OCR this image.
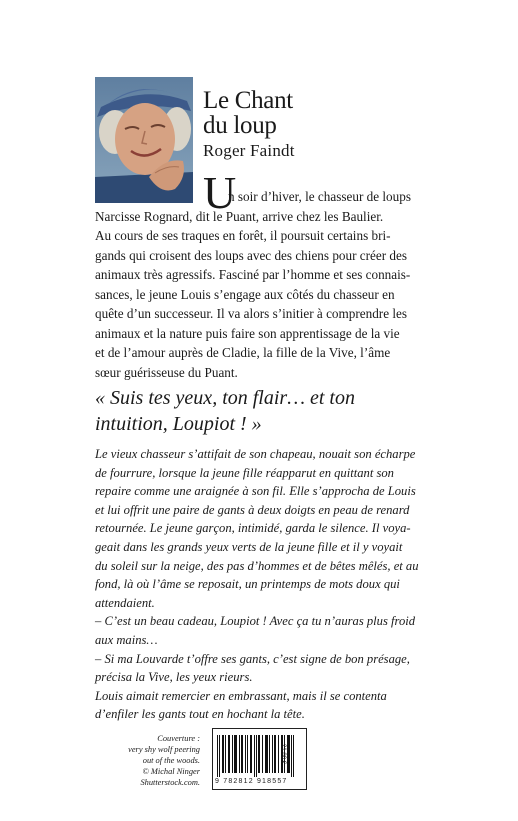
Le Chant
du loup
Roger Faindt
U
n soir d’hiver, le chasseur de loups
Narcisse Rognard, dit le Puant, arrive chez les Baulier.
Au cours de ses traques en forêt, il poursuit certains bri-
gands qui croisent des loups avec des chiens pour créer des
animaux très agressifs. Fasciné par l’homme et ses connais-
sances, le jeune Louis s’engage aux côtés du chasseur en
quête d’un successeur. Il va alors s’initier à comprendre les
animaux et la nature puis faire son apprentissage de la vie
et de l’amour auprès de Cladie, la fille de la Vive, l’âme
sœur guérisseuse du Puant.
« Suis tes yeux, ton flair… et ton
intuition, Loupiot ! »
Le vieux chasseur s’attifait de son chapeau, nouait son écharpe
de fourrure, lorsque la jeune fille réapparut en quittant son
repaire comme une araignée à son fil. Elle s’approcha de Louis
et lui offrit une paire de gants à deux doigts en peau de renard
retournée. Le jeune garçon, intimidé, garda le silence. Il voya-
geait dans les grands yeux verts de la jeune fille et il y voyait
du soleil sur la neige, des pas d’hommes et de bêtes mêlés, et au
fond, là où l’âme se reposait, un printemps de mots doux qui
attendaient.
– C’est un beau cadeau, Loupiot ! Avec ça tu n’auras plus froid
aux mains…
– Si ma Louvarde t’offre ses gants, c’est signe de bon présage,
précisa la Vive, les yeux rieurs.
Louis aimait remercier en embrassant, mais il se contenta
d’enfiler les gants tout en hochant la tête.
Couverture :
very shy wolf peering
out of the woods.
© Michal Ninger
Shutterstock.com. 9 782812 918557
21,00 €
